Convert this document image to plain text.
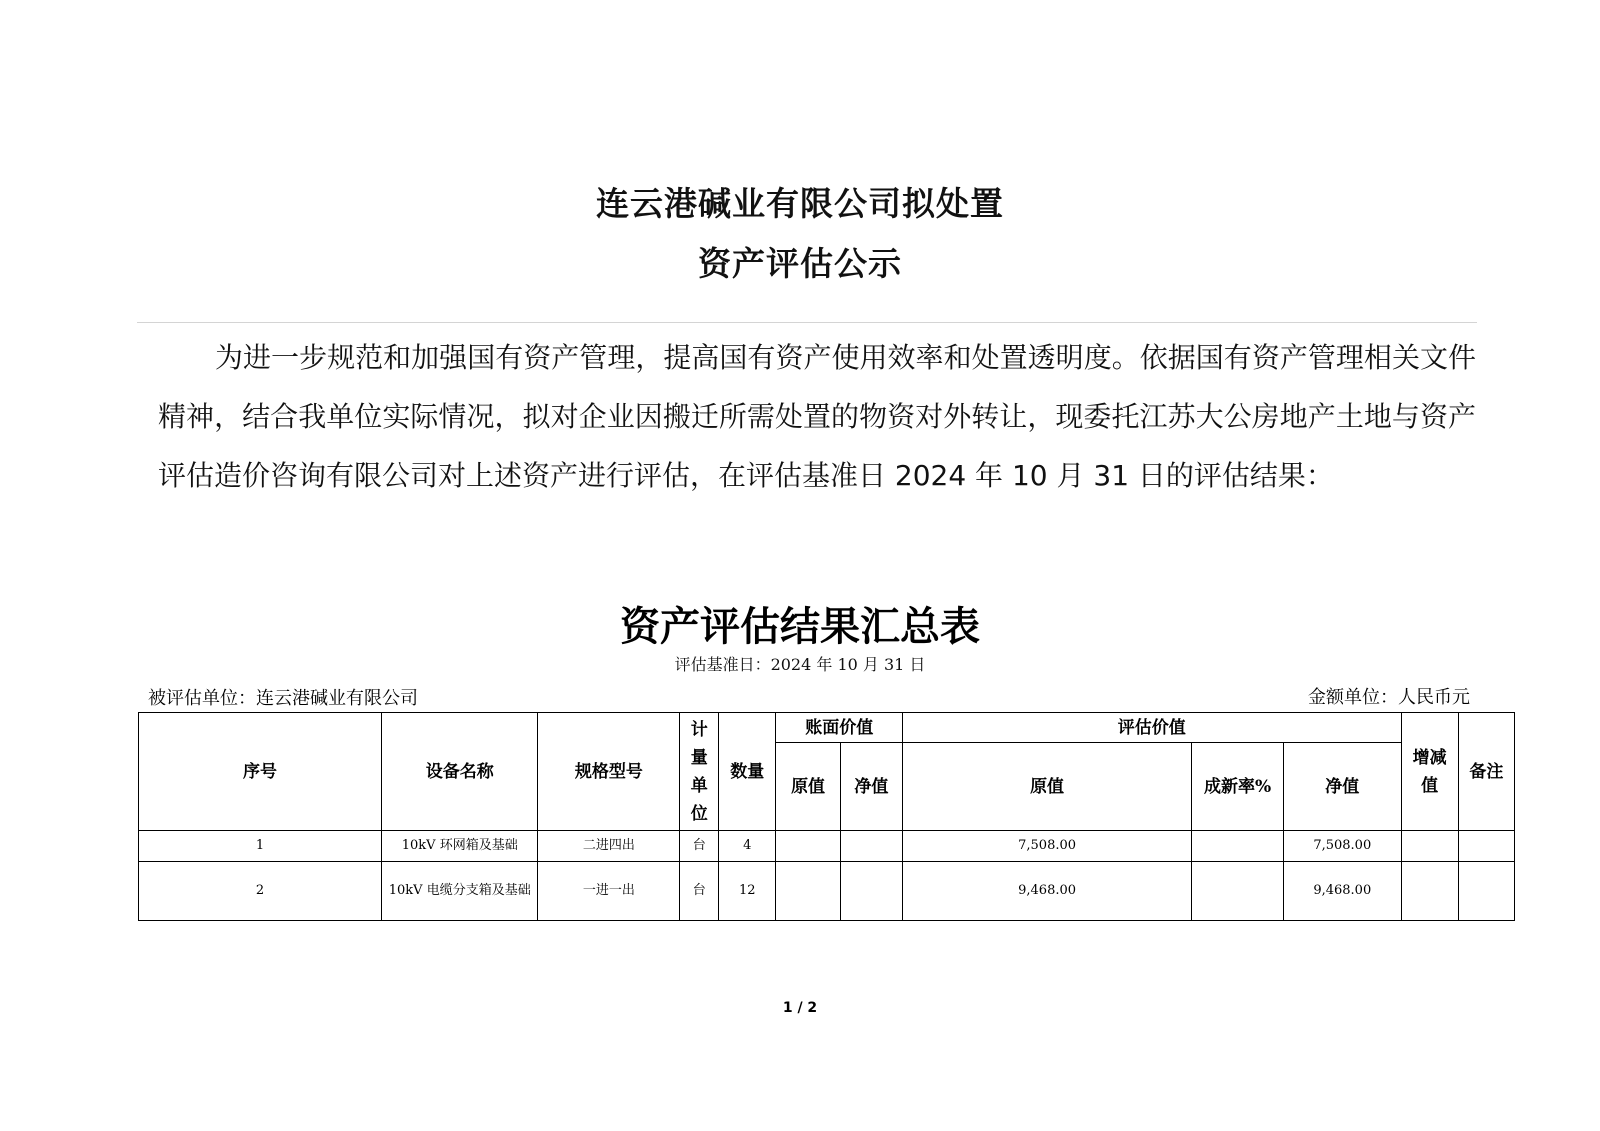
连云港碱业有限公司拟处置
资产评估公示

为进一步规范和加强国有资产管理，提高国有资产使用效率和处置透明度。依据国有资产管理相关文件精神，结合我单位实际情况，拟对企业因搬迁所需处置的物资对外转让，现委托江苏大公房地产土地与资产评估造价咨询有限公司对上述资产进行评估，在评估基准日 2024 年 10 月 31 日的评估结果：

资产评估结果汇总表
评估基准日：2024 年 10 月 31 日
被评估单位：连云港碱业有限公司	金额单位：人民币元
序号	设备名称	规格型号	计量单位	数量	账面价值		评估价值			增减值	备注
					原值	净值	原值	成新率%	净值		
1	10kV 环网箱及基础	二进四出	台	4			7,508.00		7,508.00		
2	10kV 电缆分支箱及基础	一进一出	台	12			9,468.00		9,468.00		
1 / 2
